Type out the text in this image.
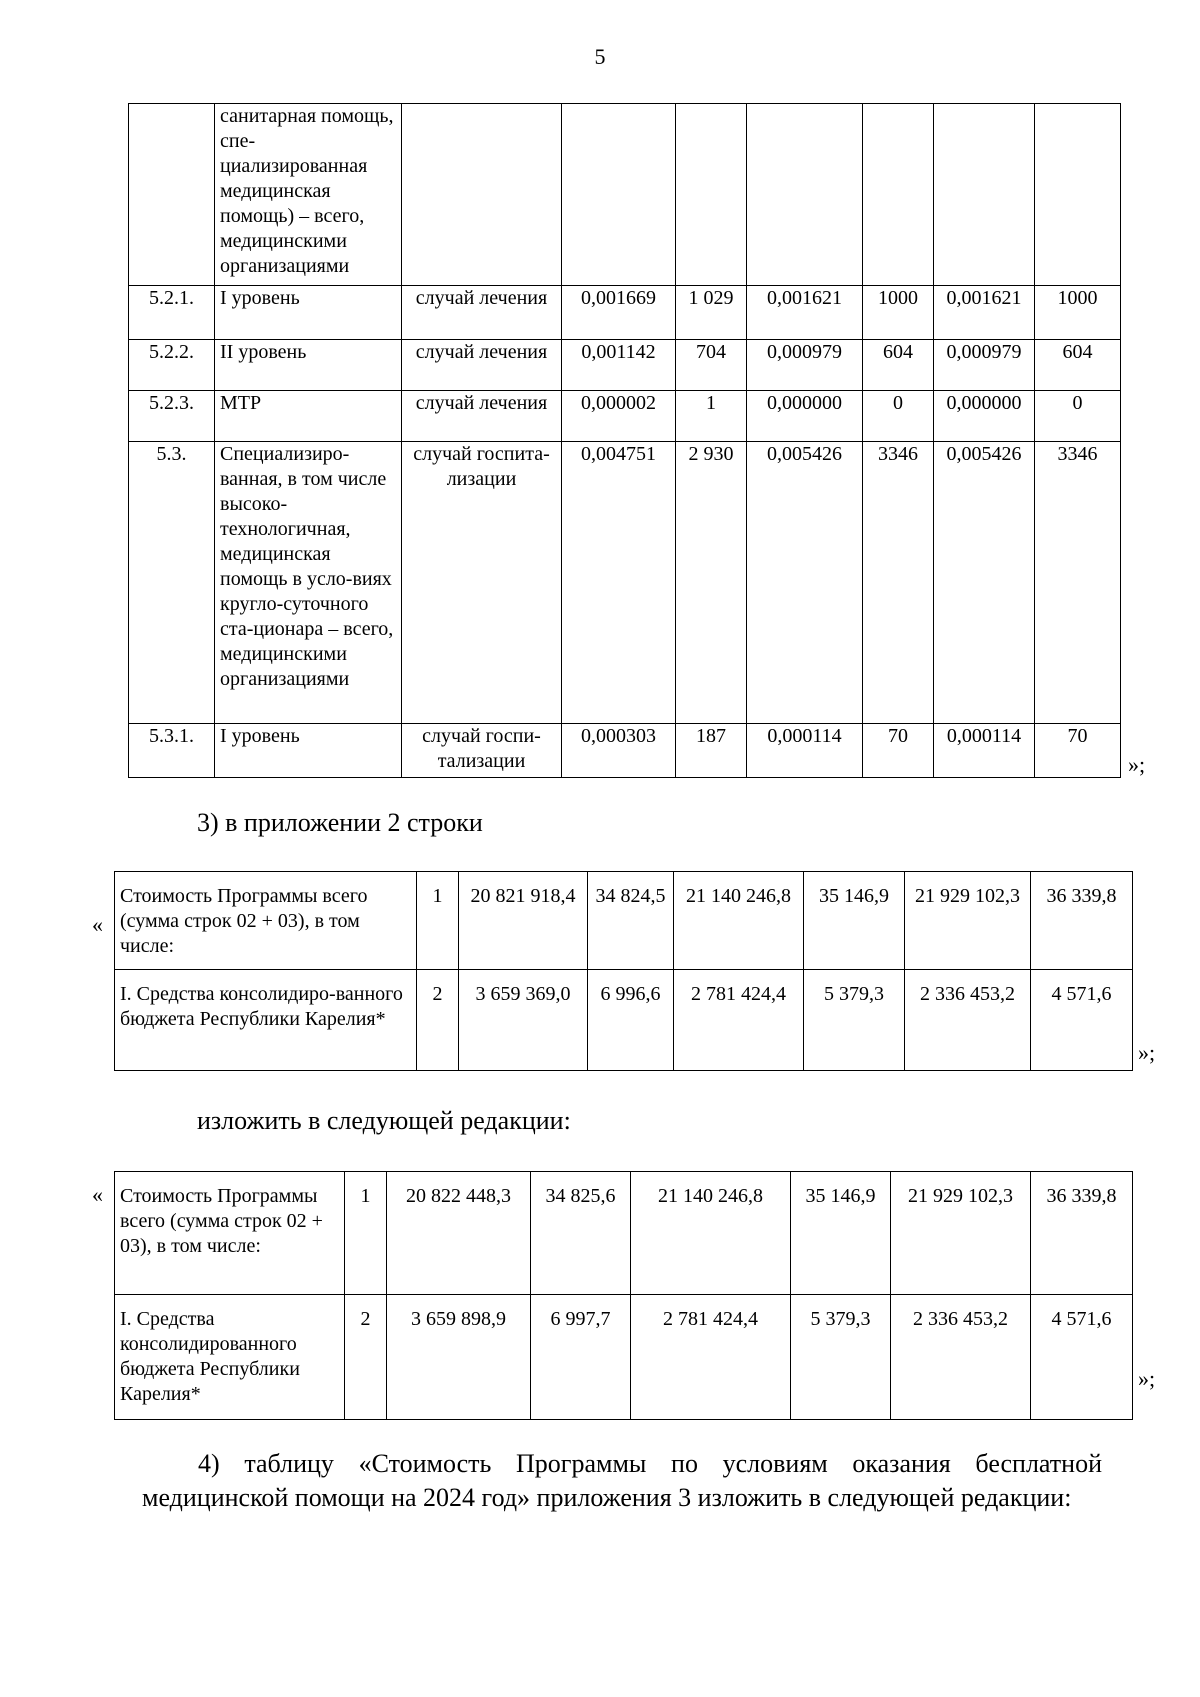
5
	санитарная помощь, спе-
циализированная медицинская помощь) – всего, медицинскими организациями							
5.2.1.	I уровень	случай лечения	0,001669	1 029	0,001621	1000	0,001621	1000
5.2.2.	II уровень	случай лечения	0,001142	704	0,000979	604	0,000979	604
5.2.3.	МТР	случай лечения	0,000002	1	0,000000	0	0,000000	0
5.3.	Специализиро-ванная, в том числе высоко-технологичная, медицинская помощь в усло-виях кругло-суточного ста-ционара – всего, медицинскими организациями	случай госпита-лизации	0,004751	2 930	0,005426	3346	0,005426	3346
5.3.1.	I уровень	случай госпи-тализации	0,000303	187	0,000114	70	0,000114	70
»;
3) в приложении 2 строки
«
Стоимость Программы всего (сумма строк 02 + 03), в том числе:	1	20 821 918,4	34 824,5	21 140 246,8	35 146,9	21 929 102,3	36 339,8
I. Средства консолидиро-ванного бюджета Республики Карелия*	2	3 659 369,0	6 996,6	2 781 424,4	5 379,3	2 336 453,2	4 571,6
»;
изложить в следующей редакции:
« Стоимость Программы всего (сумма строк 02 + 03), в том числе:	1	20 822 448,3	34 825,6	21 140 246,8	35 146,9	21 929 102,3	36 339,8
I. Средства консолидированного бюджета Республики Карелия*	2	3 659 898,9	6 997,7	2 781 424,4	5 379,3	2 336 453,2	4 571,6
»;
4) таблицу «Стоимость Программы по условиям оказания бесплатной медицинской помощи на 2024 год» приложения 3 изложить в следующей редакции:
